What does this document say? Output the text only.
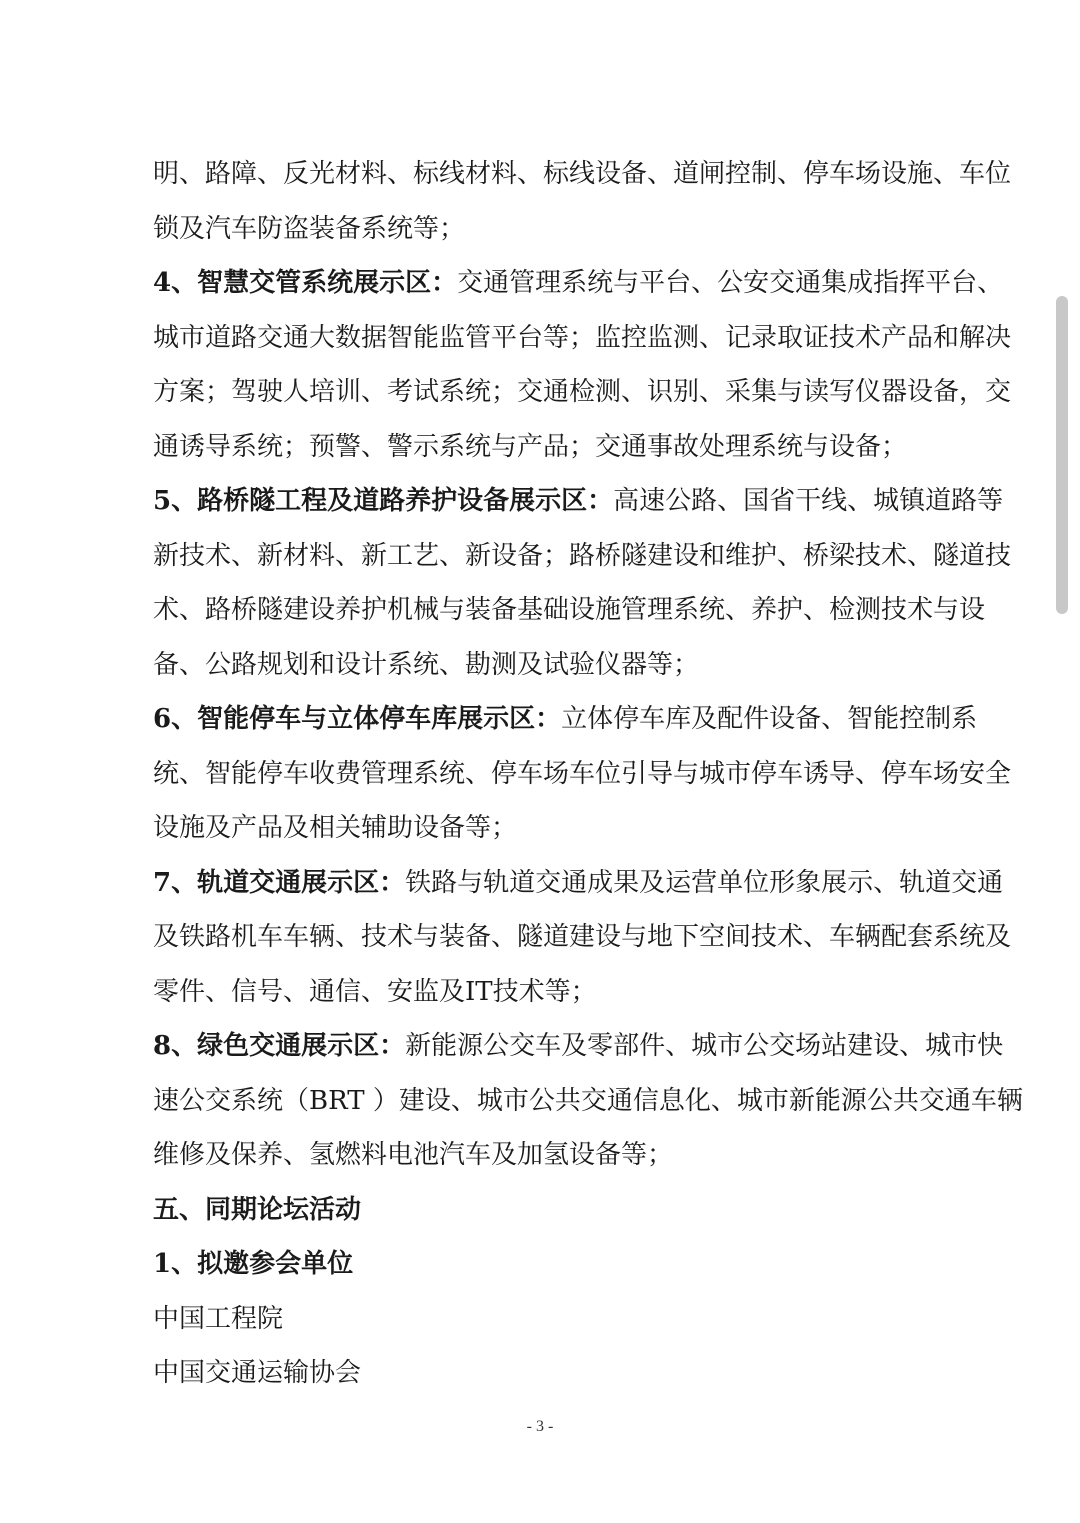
明、路障、反光材料、标线材料、标线设备、道闸控制、停车场设施、车位
锁及汽车防盗装备系统等；
4、智慧交管系统展示区：交通管理系统与平台、公安交通集成指挥平台、
城市道路交通大数据智能监管平台等；监控监测、记录取证技术产品和解决
方案；驾驶人培训、考试系统；交通检测、识别、采集与读写仪器设备，交
通诱导系统；预警、警示系统与产品；交通事故处理系统与设备；
5、路桥隧工程及道路养护设备展示区：高速公路、国省干线、城镇道路等
新技术、新材料、新工艺、新设备；路桥隧建设和维护、桥梁技术、隧道技
术、路桥隧建设养护机械与装备基础设施管理系统、养护、检测技术与设
备、公路规划和设计系统、勘测及试验仪器等；
6、智能停车与立体停车库展示区：立体停车库及配件设备、智能控制系
统、智能停车收费管理系统、停车场车位引导与城市停车诱导、停车场安全
设施及产品及相关辅助设备等；
7、轨道交通展示区：铁路与轨道交通成果及运营单位形象展示、轨道交通
及铁路机车车辆、技术与装备、隧道建设与地下空间技术、车辆配套系统及
零件、信号、通信、安监及IT技术等；
8、绿色交通展示区：新能源公交车及零部件、城市公交场站建设、城市快
速公交系统（BRT ）建设、城市公共交通信息化、城市新能源公共交通车辆
维修及保养、氢燃料电池汽车及加氢设备等；
五、同期论坛活动
1、拟邀参会单位
中国工程院
中国交通运输协会
- 3 -
